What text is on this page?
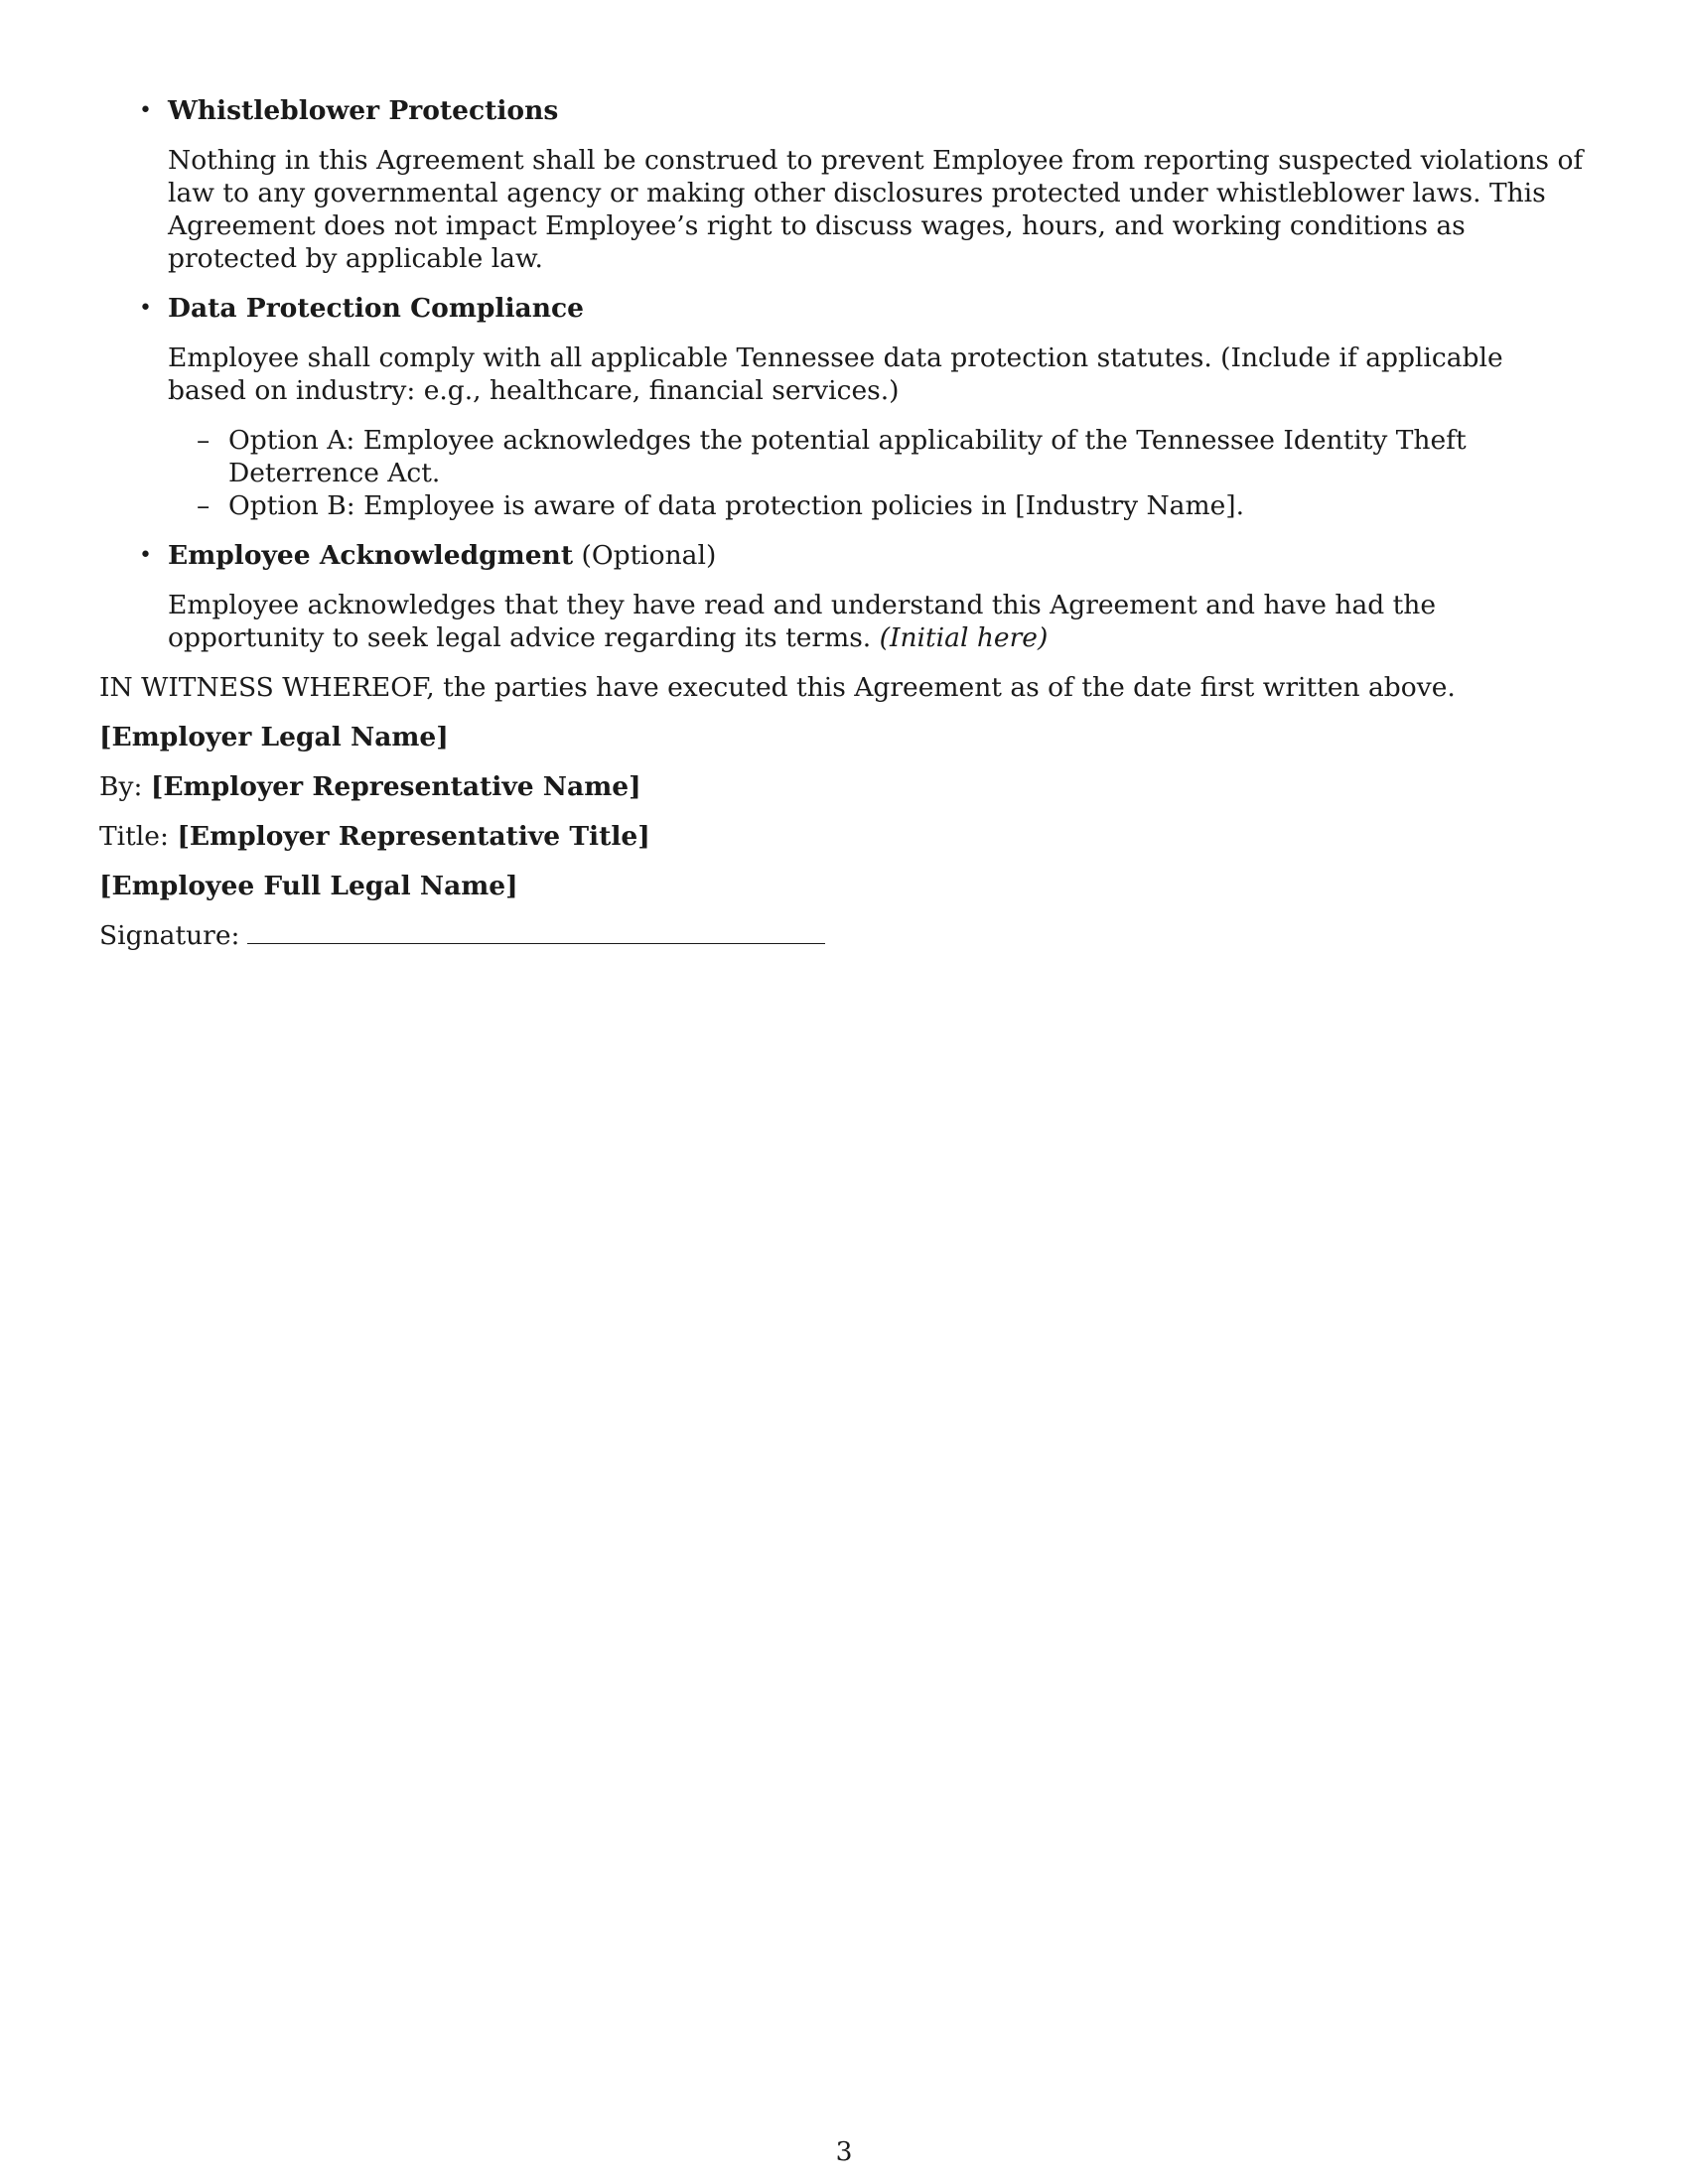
• Whistleblower Protections
Nothing in this Agreement shall be construed to prevent Employee from reporting suspected violations of law to any governmental agency or making other disclosures protected under whistleblower laws. This Agreement does not impact Employee’s right to discuss wages, hours, and working conditions as protected by applicable law.
• Data Protection Compliance
Employee shall comply with all applicable Tennessee data protection statutes. (Include if applicable based on industry: e.g., healthcare, financial services.)
– Option A: Employee acknowledges the potential applicability of the Tennessee Identity Theft Deterrence Act.
– Option B: Employee is aware of data protection policies in [Industry Name].
• Employee Acknowledgment (Optional)
Employee acknowledges that they have read and understand this Agreement and have had the opportunity to seek legal advice regarding its terms. (Initial here)
IN WITNESS WHEREOF, the parties have executed this Agreement as of the date first written above.
[Employer Legal Name]
By: [Employer Representative Name]
Title: [Employer Representative Title]
[Employee Full Legal Name]
Signature:
3
